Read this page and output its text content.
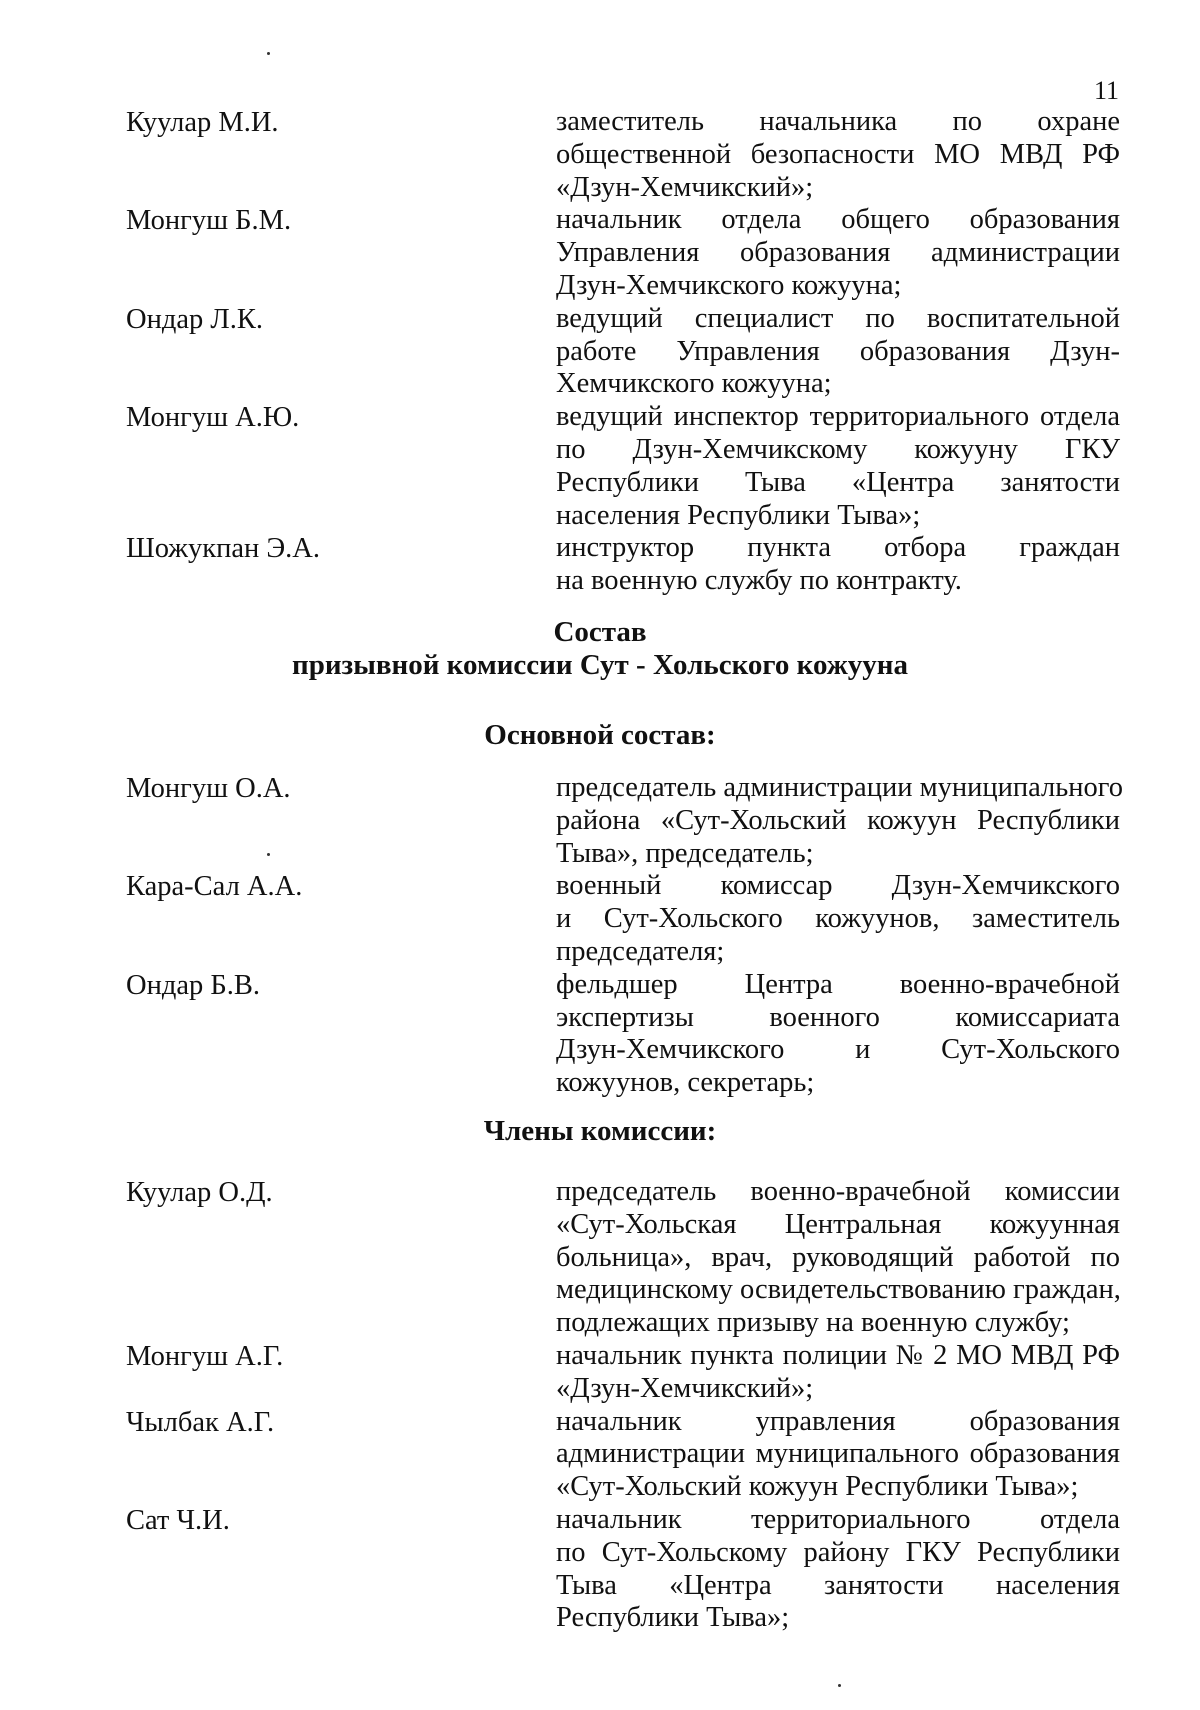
11
Куулар М.И.	заместитель начальника по охране
общественной безопасности МО МВД РФ
«Дзун-Хемчикский»;
Монгуш Б.М.	начальник отдела общего образования
Управления образования администрации
Дзун-Хемчикского кожууна;
Ондар Л.К.	ведущий специалист по воспитательной
работе Управления образования Дзун-
Хемчикского кожууна;
Монгуш А.Ю.	ведущий инспектор территориального отдела
по Дзун-Хемчикскому кожууну ГКУ
Республики Тыва «Центра занятости
населения Республики Тыва»;
Шожукпан Э.А.	инструктор пункта отбора граждан
на военную службу по контракту.
Состав
призывной комиссии Сут - Хольского кожууна
Основной состав:
Монгуш О.А.	председатель администрации муниципального
района «Сут-Хольский кожуун Республики
Тыва», председатель;
Кара-Сал А.А.	военный комиссар Дзун-Хемчикского
и Сут-Хольского кожуунов, заместитель
председателя;
Ондар Б.В.	фельдшер Центра военно-врачебной
экспертизы военного комиссариата
Дзун-Хемчикского и Сут-Хольского
кожуунов, секретарь;
Члены комиссии:
Куулар О.Д.	председатель военно-врачебной комиссии
«Сут-Хольская Центральная кожуунная
больница», врач, руководящий работой по
медицинскому освидетельствованию граждан,
подлежащих призыву на военную службу;
Монгуш А.Г.	начальник пункта полиции № 2 МО МВД РФ
«Дзун-Хемчикский»;
Чылбак А.Г.	начальник управления образования
администрации муниципального образования
«Сут-Хольский кожуун Республики Тыва»;
Сат Ч.И.	начальник территориального отдела
по Сут-Хольскому району ГКУ Республики
Тыва «Центра занятости населения
Республики Тыва»;
